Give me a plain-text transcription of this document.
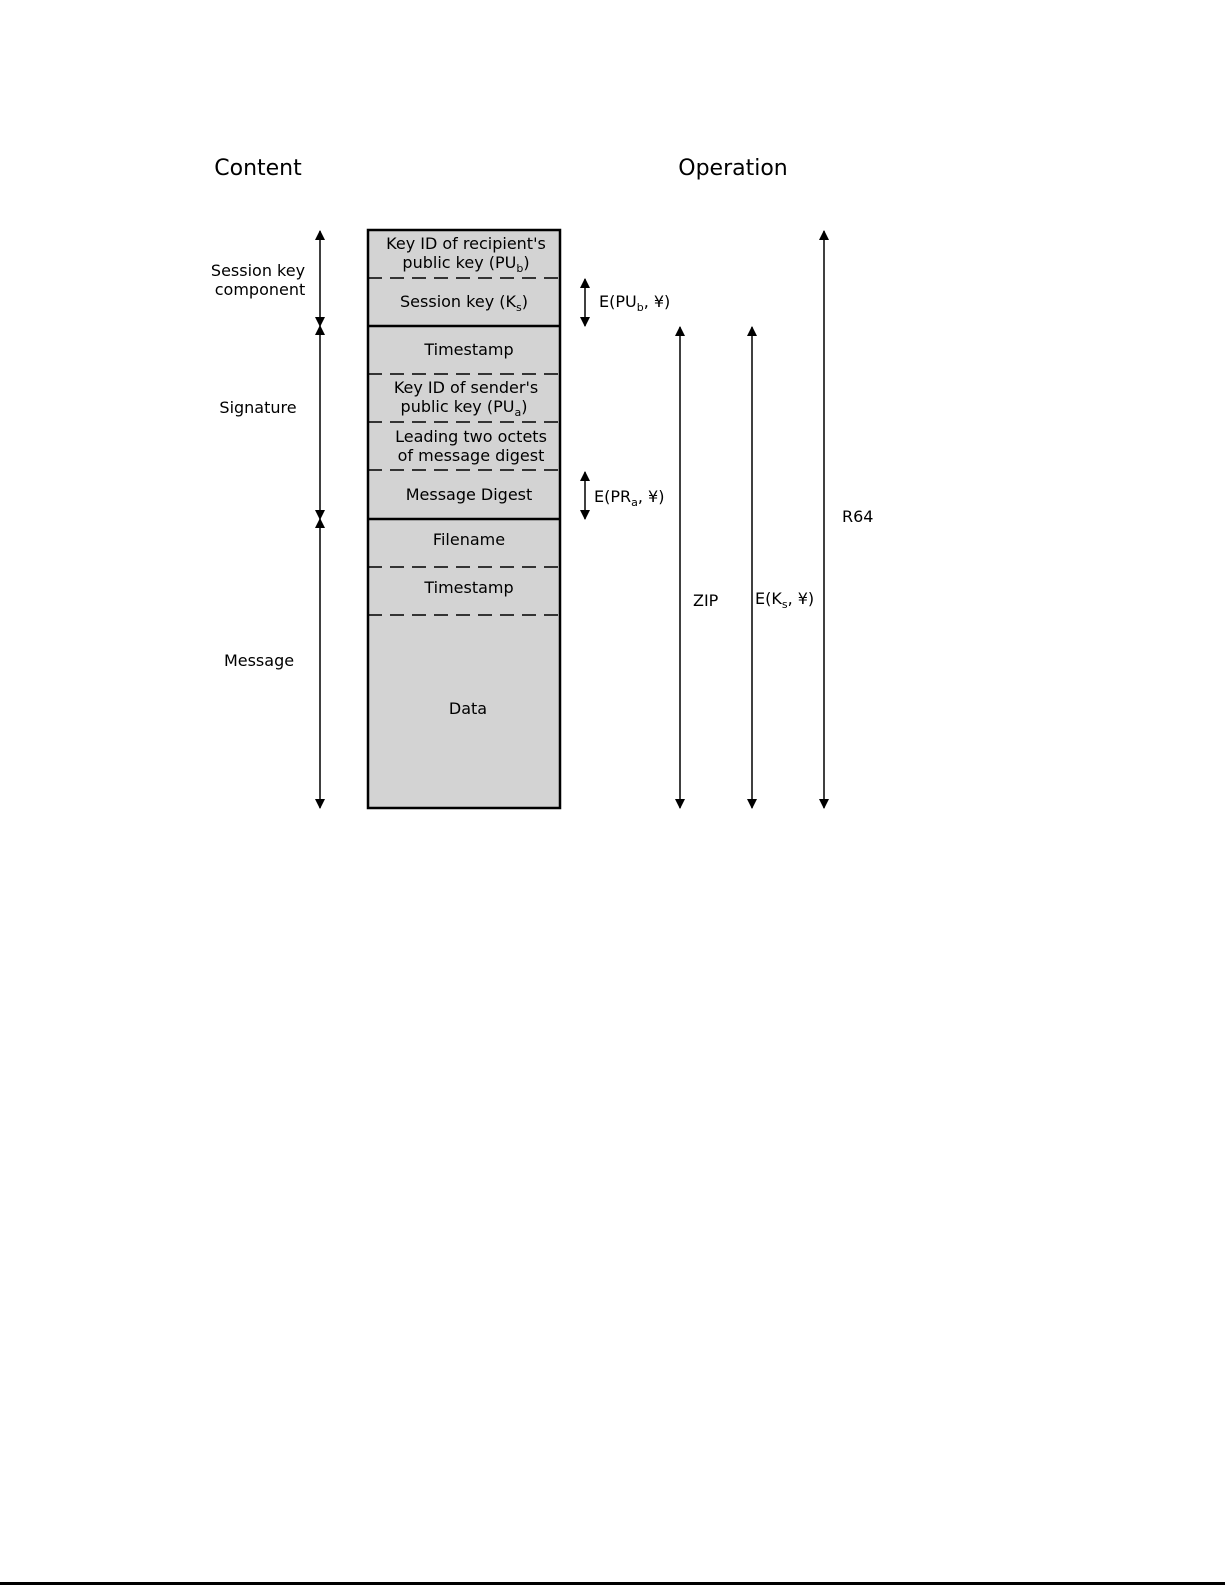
Content	Operation
Key ID of recipient's
public key $(PU_b)$
Session key $(K_s)$
Timestamp
Key ID of sender's
public key $(PU_a)$
Leading two octets
of message digest
Message Digest
Filename
Timestamp
Data
Session key
component
Signature
Message
$E(PU_b$, ¥)
$E(PR_a$, ¥)
ZIP $E(K_s$, ¥)
R64
